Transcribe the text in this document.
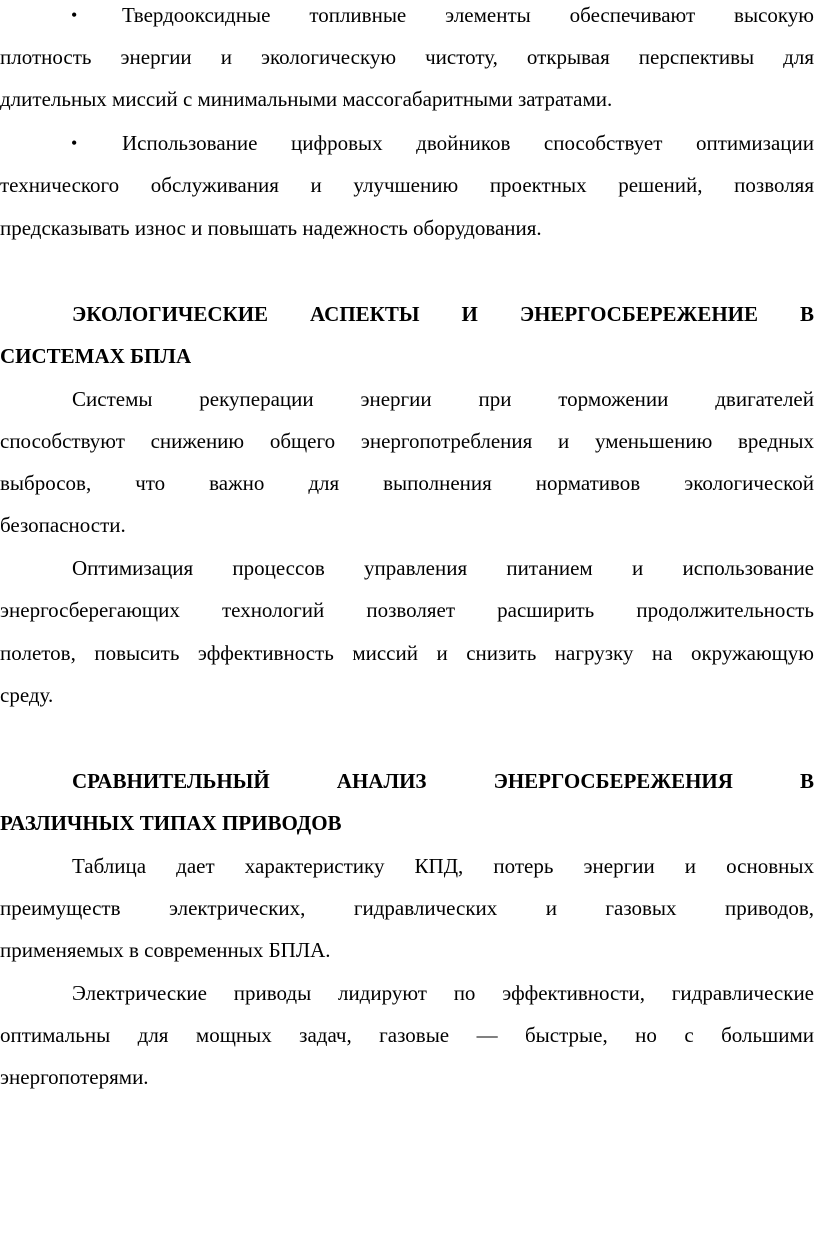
• Твердооксидные топливные элементы обеспечивают высокую
плотность энергии и экологическую чистоту, открывая перспективы для
длительных миссий с минимальными массогабаритными затратами.
• Использование цифровых двойников способствует оптимизации
технического обслуживания и улучшению проектных решений, позволяя
предсказывать износ и повышать надежность оборудования.
ЭКОЛОГИЧЕСКИЕ АСПЕКТЫ И ЭНЕРГОСБЕРЕЖЕНИЕ В
СИСТЕМАХ БПЛА
Системы рекуперации энергии при торможении двигателей
способствуют снижению общего энергопотребления и уменьшению вредных
выбросов, что важно для выполнения нормативов экологической
безопасности.
Оптимизация процессов управления питанием и использование
энергосберегающих технологий позволяет расширить продолжительность
полетов, повысить эффективность миссий и снизить нагрузку на окружающую
среду.
СРАВНИТЕЛЬНЫЙ АНАЛИЗ ЭНЕРГОСБЕРЕЖЕНИЯ В
РАЗЛИЧНЫХ ТИПАХ ПРИВОДОВ
Таблица дает характеристику КПД, потерь энергии и основных
преимуществ электрических, гидравлических и газовых приводов,
применяемых в современных БПЛА.
Электрические приводы лидируют по эффективности, гидравлические
оптимальны для мощных задач, газовые — быстрые, но с большими
энергопотерями.
